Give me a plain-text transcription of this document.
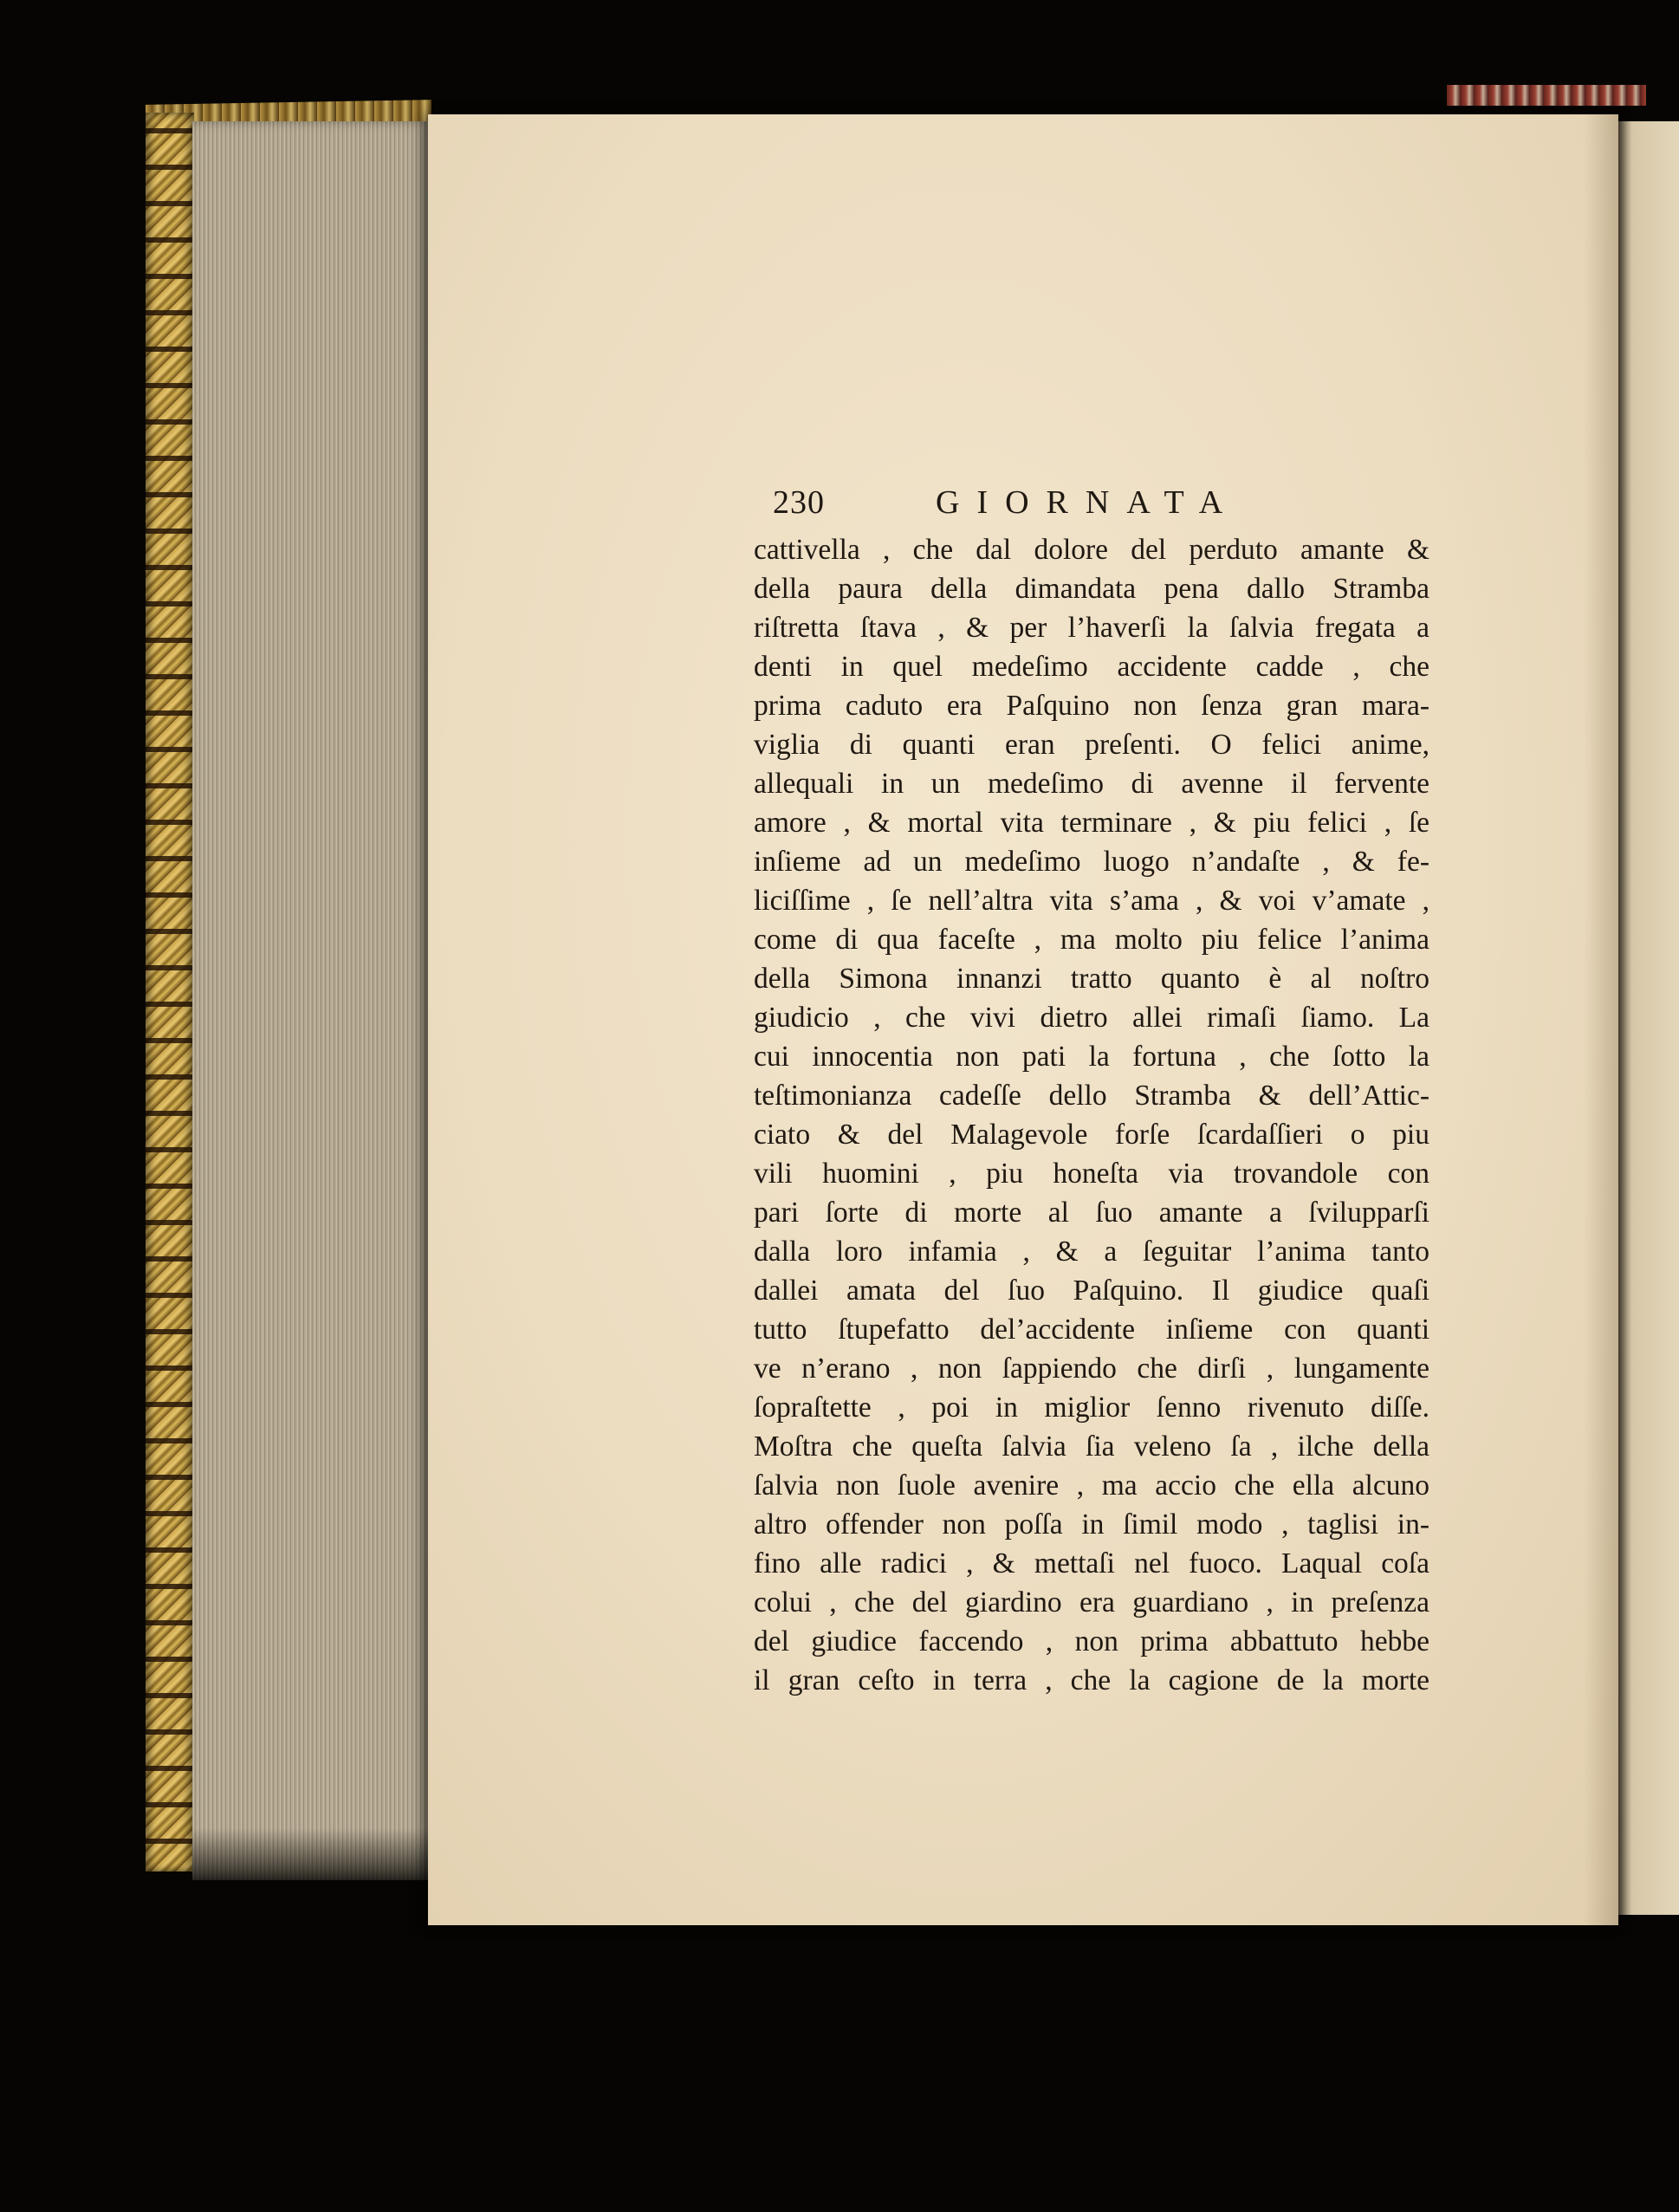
230	GIORNATA
cattivella , che dal dolore del perduto amante &
della paura della dimandata pena dallo Stramba
riſtretta ſtava , & per l’haverſi la ſalvia fregata a
denti in quel medeſimo accidente cadde , che
prima caduto era Paſquino non ſenza gran mara-
viglia di quanti eran preſenti. O felici anime,
allequali in un medeſimo di avenne il fervente
amore , & mortal vita terminare , & piu felici , ſe
inſieme ad un medeſimo luogo n’andaſte , & fe-
liciſſime , ſe nell’altra vita s’ama , & voi v’amate ,
come di qua faceſte , ma molto piu felice l’anima
della Simona innanzi tratto quanto è al noſtro
giudicio , che vivi dietro allei rimaſi ſiamo. La
cui innocentia non pati la fortuna , che ſotto la
teſtimonianza cadeſſe dello Stramba & dell’Attic-
ciato & del Malagevole forſe ſcardaſſieri o piu
vili huomini , piu honeſta via trovandole con
pari ſorte di morte al ſuo amante a ſvilupparſi
dalla loro infamia , & a ſeguitar l’anima tanto
dallei amata del ſuo Paſquino. Il giudice quaſi
tutto ſtupefatto del’accidente inſieme con quanti
ve n’erano , non ſappiendo che dirſi , lungamente
ſopraſtette , poi in miglior ſenno rivenuto diſſe.
Moſtra che queſta ſalvia ſia veleno ſa , ilche della
ſalvia non ſuole avenire , ma accio che ella alcuno
altro offender non poſſa in ſimil modo , taglisi in-
fino alle radici , & mettaſi nel fuoco. Laqual coſa
colui , che del giardino era guardiano , in preſenza
del giudice faccendo , non prima abbattuto hebbe
il gran ceſto in terra , che la cagione de la morte
